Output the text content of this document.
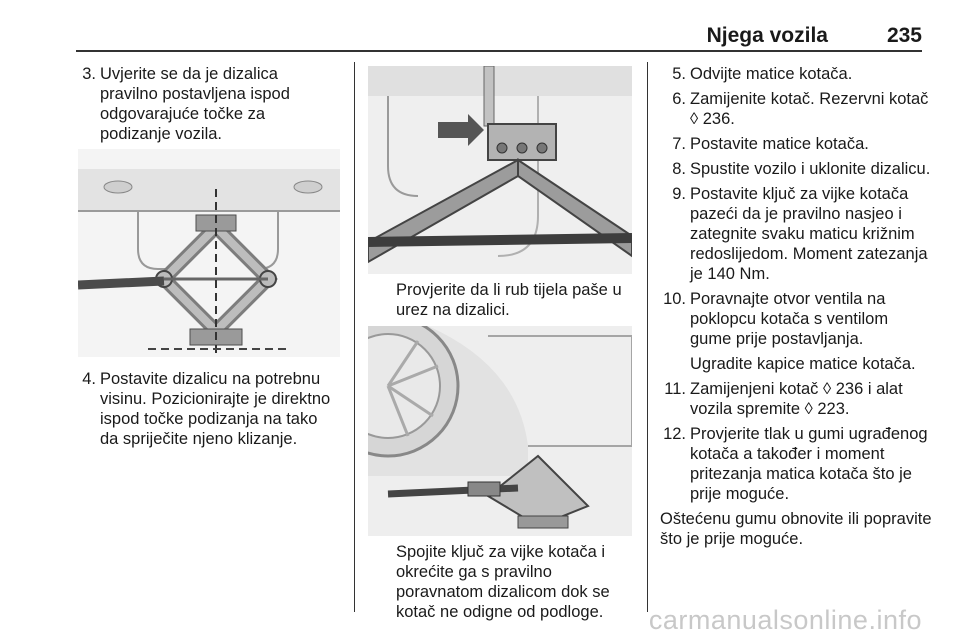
Njega vozila	235
3. Uvjerite se da je dizalica pravilno postavljena ispod odgovarajuće točke za podizanje vozila.
4. Postavite dizalicu na potrebnu visinu. Pozicionirajte je direktno ispod točke podizanja na tako da spriječite njeno klizanje.
Provjerite da li rub tijela paše u urez na dizalici.
Spojite ključ za vijke kotača i okrećite ga s pravilno poravnatom dizalicom dok se kotač ne odigne od podloge.
5. Odvijte matice kotača.
6. Zamijenite kotač. Rezervni kotač ◊ 236.
7. Postavite matice kotača.
8. Spustite vozilo i uklonite dizalicu.
9. Postavite ključ za vijke kotača pazeći da je pravilno nasjeo i zategnite svaku maticu križnim redoslijedom. Moment zatezanja je 140 Nm.
10. Poravnajte otvor ventila na poklopcu kotača s ventilom gume prije postavljanja.
Ugradite kapice matice kotača.
11. Zamijenjeni kotač ◊ 236 i alat vozila spremite ◊ 223.
12. Provjerite tlak u gumi ugrađenog kotača a također i moment pritezanja matica kotača što je prije moguće.
Oštećenu gumu obnovite ili popravite što je prije moguće.
carmanualsonline.info
